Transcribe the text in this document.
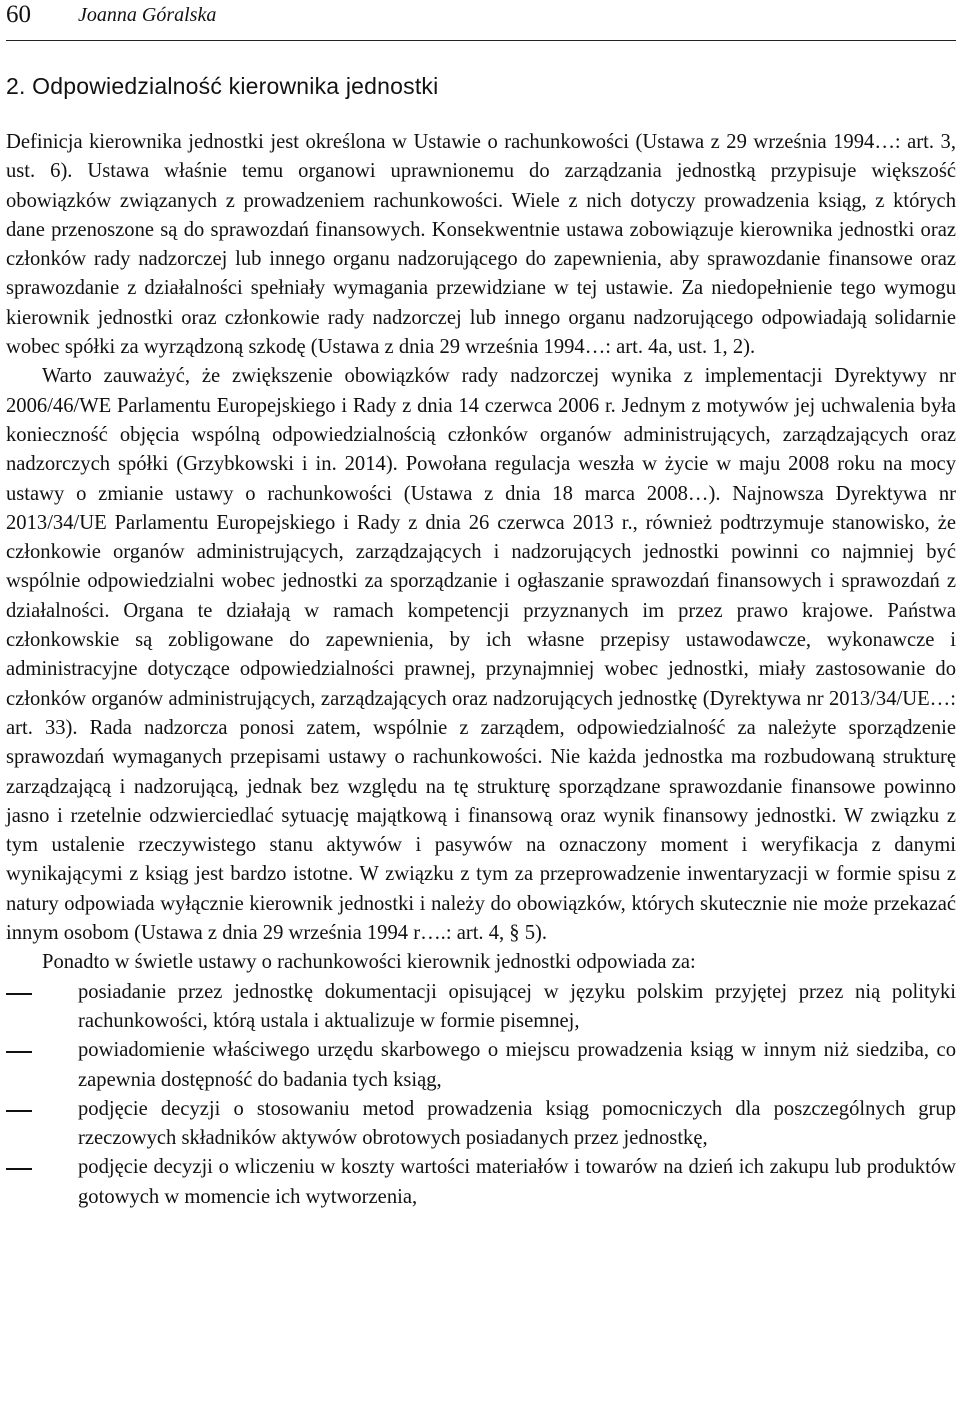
60 Joanna Góralska
2. Odpowiedzialność kierownika jednostki

Definicja kierownika jednostki jest określona w Ustawie o rachunkowości (Ustawa z 29 września 1994…: art. 3, ust. 6). Ustawa właśnie temu organowi uprawnionemu do zarządzania jednostką przypisuje większość obowiązków związanych z prowadzeniem rachunkowości. Wiele z nich dotyczy prowadzenia ksiąg, z których dane przenoszone są do sprawozdań finansowych. Konsekwentnie ustawa zobowiązuje kierownika jednostki oraz członków rady nadzorczej lub innego organu nadzorującego do zapewnienia, aby sprawozdanie finansowe oraz sprawozdanie z działalności spełniały wymagania przewidziane w tej ustawie. Za niedopełnienie tego wymogu kierownik jednostki oraz członkowie rady nadzorczej lub innego organu nadzorującego odpowiadają solidarnie wobec spółki za wyrządzoną szkodę (Ustawa z dnia 29 września 1994…: art. 4a, ust. 1, 2).

Warto zauważyć, że zwiększenie obowiązków rady nadzorczej wynika z implementacji Dyrektywy nr 2006/46/WE Parlamentu Europejskiego i Rady z dnia 14 czerwca 2006 r. Jednym z motywów jej uchwalenia była konieczność objęcia wspólną odpowiedzialnością członków organów administrujących, zarządzających oraz nadzorczych spółki (Grzybkowski i in. 2014). Powołana regulacja weszła w życie w maju 2008 roku na mocy ustawy o zmianie ustawy o rachunkowości (Ustawa z dnia 18 marca 2008…). Najnowsza Dyrektywa nr 2013/34/UE Parlamentu Europejskiego i Rady z dnia 26 czerwca 2013 r., również podtrzymuje stanowisko, że członkowie organów administrujących, zarządzających i nadzorujących jednostki powinni co najmniej być wspólnie odpowiedzialni wobec jednostki za sporządzanie i ogłaszanie sprawozdań finansowych i sprawozdań z działalności. Organa te działają w ramach kompetencji przyznanych im przez prawo krajowe. Państwa członkowskie są zobligowane do zapewnienia, by ich własne przepisy ustawodawcze, wykonawcze i administracyjne dotyczące odpowiedzialności prawnej, przynajmniej wobec jednostki, miały zastosowanie do członków organów administrujących, zarządzających oraz nadzorujących jednostkę (Dyrektywa nr 2013/34/UE…: art. 33). Rada nadzorcza ponosi zatem, wspólnie z zarządem, odpowiedzialność za należyte sporządzenie sprawozdań wymaganych przepisami ustawy o rachunkowości. Nie każda jednostka ma rozbudowaną strukturę zarządzającą i nadzorującą, jednak bez względu na tę strukturę sporządzane sprawozdanie finansowe powinno jasno i rzetelnie odzwierciedlać sytuację majątkową i finansową oraz wynik finansowy jednostki. W związku z tym ustalenie rzeczywistego stanu aktywów i pasywów na oznaczony moment i weryfikacja z danymi wynikającymi z ksiąg jest bardzo istotne. W związku z tym za przeprowadzenie inwentaryzacji w formie spisu z natury odpowiada wyłącznie kierownik jednostki i należy do obowiązków, których skutecznie nie może przekazać innym osobom (Ustawa z dnia 29 września 1994 r….: art. 4, § 5).

Ponadto w świetle ustawy o rachunkowości kierownik jednostki odpowiada za:

posiadanie przez jednostkę dokumentacji opisującej w języku polskim przyjętej przez nią polityki rachunkowości, którą ustala i aktualizuje w formie pisemnej,
powiadomienie właściwego urzędu skarbowego o miejscu prowadzenia ksiąg w innym niż siedziba, co zapewnia dostępność do badania tych ksiąg,
podjęcie decyzji o stosowaniu metod prowadzenia ksiąg pomocniczych dla poszczególnych grup rzeczowych składników aktywów obrotowych posiadanych przez jednostkę,
podjęcie decyzji o wliczeniu w koszty wartości materiałów i towarów na dzień ich zakupu lub produktów gotowych w momencie ich wytworzenia,
